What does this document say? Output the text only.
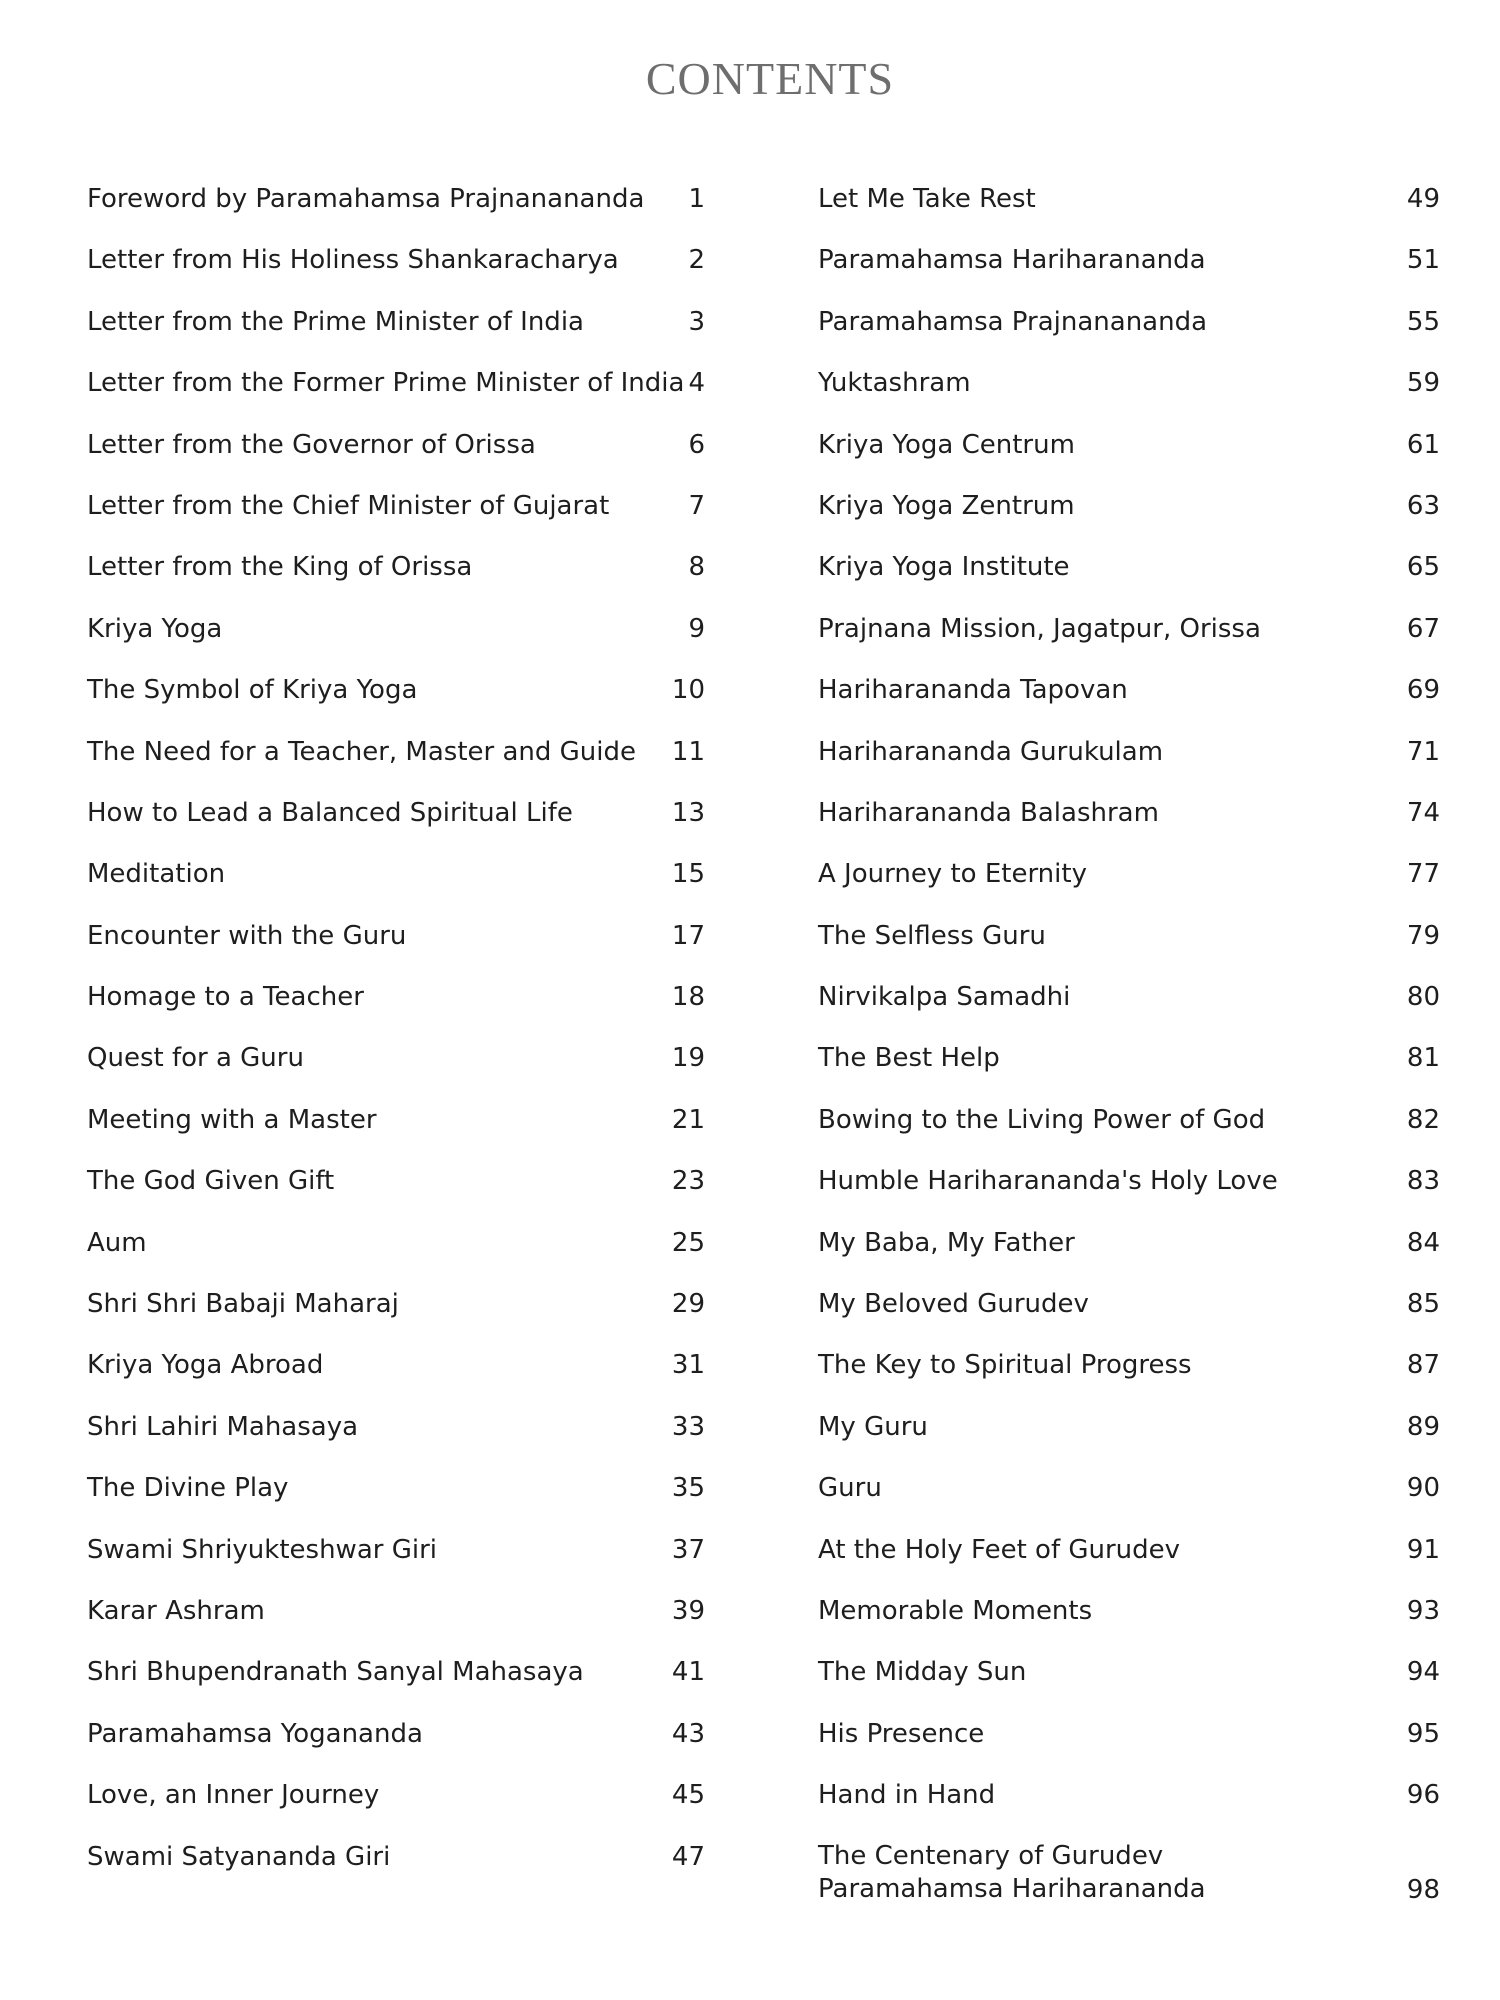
CONTENTS
Foreword by Paramahamsa Prajnanananda 1
Letter from His Holiness Shankaracharya	2
Letter from the Prime Minister of India	3
Letter from the Former Prime Minister of India 4
Letter from the Governor of Orissa	6
Letter from the Chief Minister of Gujarat	7
Letter from the King of Orissa	8
Kriya Yoga	9
The Symbol of Kriya Yoga	10
The Need for a Teacher, Master and Guide 11
How to Lead a Balanced Spiritual Life	13
Meditation	15
Encounter with the Guru	17
Homage to a Teacher	18
Quest for a Guru	19
Meeting with a Master	21
The God Given Gift	23
Aum	25
Shri Shri Babaji Maharaj	29
Kriya Yoga Abroad	31
Shri Lahiri Mahasaya	33
The Divine Play	35
Swami Shriyukteshwar Giri	37
Karar Ashram	39
Shri Bhupendranath Sanyal Mahasaya	41
Paramahamsa Yogananda	43
Love, an Inner Journey	45
Swami Satyananda Giri	47
Let Me Take Rest	49
Paramahamsa Hariharananda	51
Paramahamsa Prajnanananda	55
Yuktashram	59
Kriya Yoga Centrum	61
Kriya Yoga Zentrum	63
Kriya Yoga Institute	65
Prajnana Mission, Jagatpur, Orissa	67
Hariharananda Tapovan	69
Hariharananda Gurukulam	71
Hariharananda Balashram	74
A Journey to Eternity	77
The Selfless Guru	79
Nirvikalpa Samadhi	80
The Best Help	81
Bowing to the Living Power of God	82
Humble Hariharananda's Holy Love	83
My Baba, My Father	84
My Beloved Gurudev	85
The Key to Spiritual Progress	87
My Guru	89
Guru	90
At the Holy Feet of Gurudev	91
Memorable Moments	93
The Midday Sun	94
His Presence	95
Hand in Hand	96
The Centenary of Gurudev Paramahamsa Hariharananda	98
